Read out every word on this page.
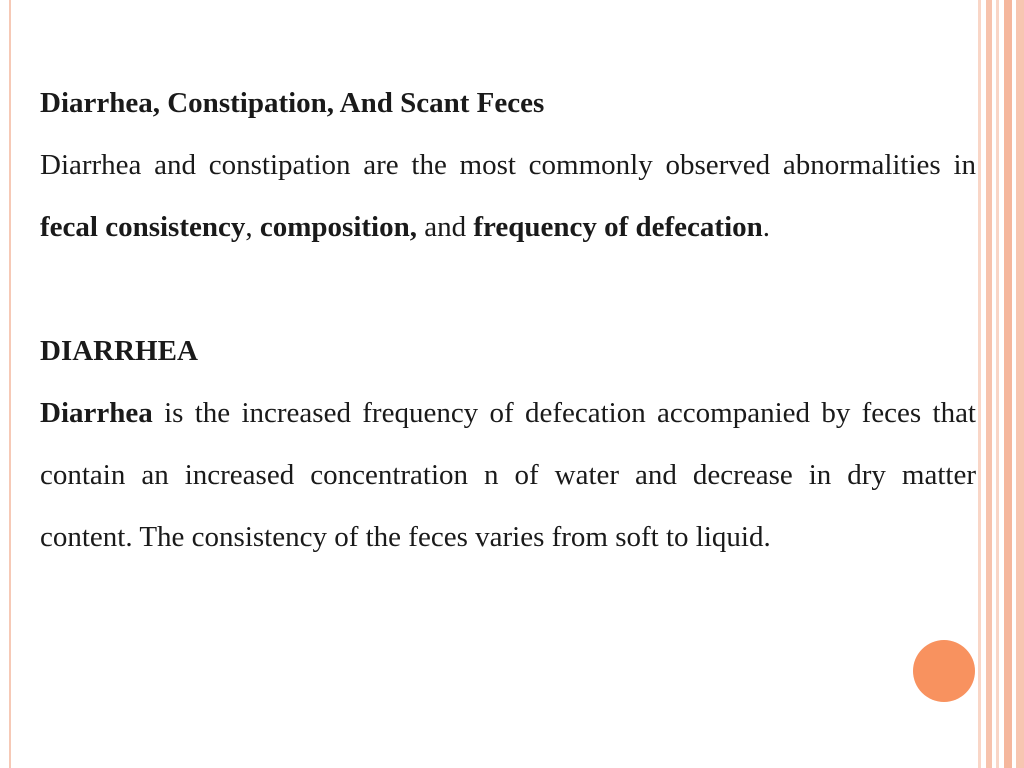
Diarrhea, Constipation, And Scant Feces

Diarrhea and constipation are the most commonly observed abnormalities in fecal consistency, composition, and frequency of defecation.

DIARRHEA

Diarrhea is the increased frequency of defecation accompanied by feces that contain an increased concentration n of water and decrease in dry matter content. The consistency of the feces varies from soft to liquid.
